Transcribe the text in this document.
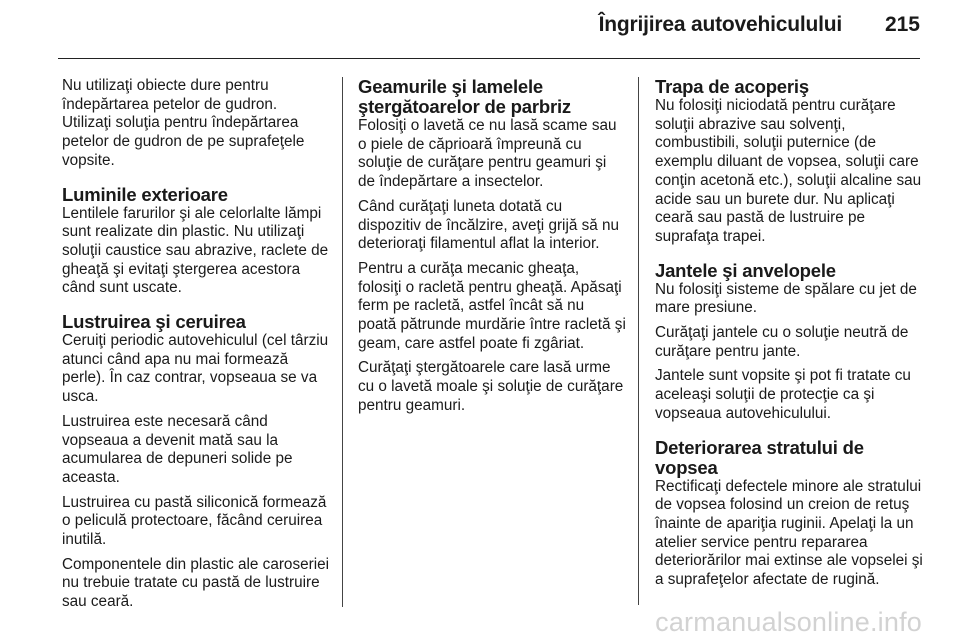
Îngrijirea autovehiculului 215

Nu utilizaţi obiecte dure pentru îndepărtarea petelor de gudron. Utilizaţi soluţia pentru îndepărtarea petelor de gudron de pe suprafeţele vopsite.

Luminile exterioare

Lentilele farurilor şi ale celorlalte lămpi sunt realizate din plastic. Nu utilizaţi soluţii caustice sau abrazive, raclete de gheaţă şi evitaţi ştergerea acestora când sunt uscate.

Lustruirea şi ceruirea

Ceruiţi periodic autovehiculul (cel târziu atunci când apa nu mai formează perle). În caz contrar, vopseaua se va usca.

Lustruirea este necesară când vopseaua a devenit mată sau la acumularea de depuneri solide pe aceasta.

Lustruirea cu pastă siliconică formează o peliculă protectoare, făcând ceruirea inutilă.

Componentele din plastic ale caroseriei nu trebuie tratate cu pastă de lustruire sau ceară.

Geamurile şi lamelele ştergătoarelor de parbriz

Folosiţi o lavetă ce nu lasă scame sau o piele de căprioară împreună cu soluţie de curăţare pentru geamuri şi de îndepărtare a insectelor.

Când curăţaţi luneta dotată cu dispozitiv de încălzire, aveţi grijă să nu deterioraţi filamentul aflat la interior.

Pentru a curăţa mecanic gheaţa, folosiţi o racletă pentru gheaţă. Apăsaţi ferm pe racletă, astfel încât să nu poată pătrunde murdărie între racletă şi geam, care astfel poate fi zgâriat.

Curăţaţi ştergătoarele care lasă urme cu o lavetă moale şi soluţie de curăţare pentru geamuri.

Trapa de acoperiş

Nu folosiţi niciodată pentru curăţare soluţii abrazive sau solvenţi, combustibili, soluţii puternice (de exemplu diluant de vopsea, soluţii care conţin acetonă etc.), soluţii alcaline sau acide sau un burete dur. Nu aplicaţi ceară sau pastă de lustruire pe suprafaţa trapei.

Jantele şi anvelopele

Nu folosiţi sisteme de spălare cu jet de mare presiune.

Curăţaţi jantele cu o soluţie neutră de curăţare pentru jante.

Jantele sunt vopsite şi pot fi tratate cu aceleaşi soluţii de protecţie ca şi vopseaua autovehiculului.

Deteriorarea stratului de vopsea

Rectificaţi defectele minore ale stratului de vopsea folosind un creion de retuş înainte de apariţia ruginii. Apelaţi la un atelier service pentru repararea deteriorărilor mai extinse ale vopselei şi a suprafeţelor afectate de rugină.

carmanualsonline.info
